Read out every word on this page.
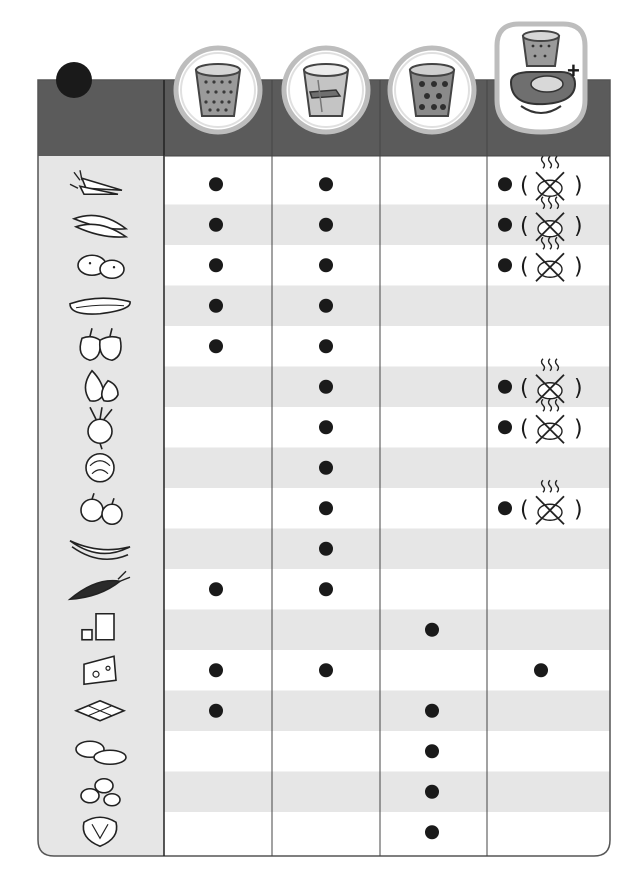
+
( )
( )
( )
( )
( )
( )
